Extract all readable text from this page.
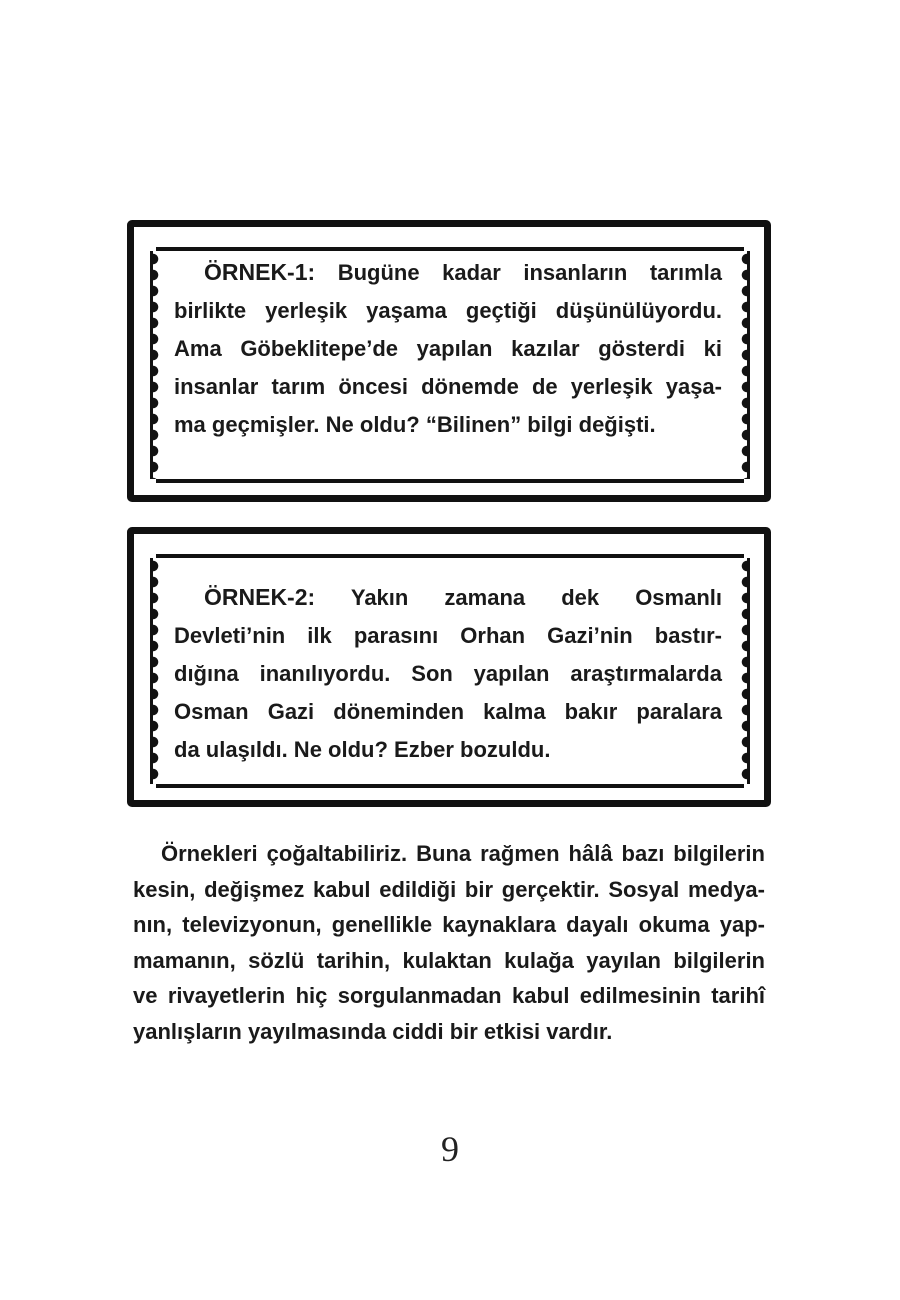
ÖRNEK-1: Bugüne kadar insanların tarımla
birlikte yerleşik yaşama geçtiği düşünülüyordu.
Ama Göbeklitepe’de yapılan kazılar gösterdi ki
insanlar tarım öncesi dönemde de yerleşik yaşa-
ma geçmişler. Ne oldu? “Bilinen” bilgi değişti.
ÖRNEK-2: Yakın zamana dek Osmanlı
Devleti’nin ilk parasını Orhan Gazi’nin bastır-
dığına inanılıyordu. Son yapılan araştırmalarda
Osman Gazi döneminden kalma bakır paralara
da ulaşıldı. Ne oldu? Ezber bozuldu.
Örnekleri çoğaltabiliriz. Buna rağmen hâlâ bazı bilgilerin
kesin, değişmez kabul edildiği bir gerçektir. Sosyal medya-
nın, televizyonun, genellikle kaynaklara dayalı okuma yap-
mamanın, sözlü tarihin, kulaktan kulağa yayılan bilgilerin
ve rivayetlerin hiç sorgulanmadan kabul edilmesinin tarihî
yanlışların yayılmasında ciddi bir etkisi vardır.
9
